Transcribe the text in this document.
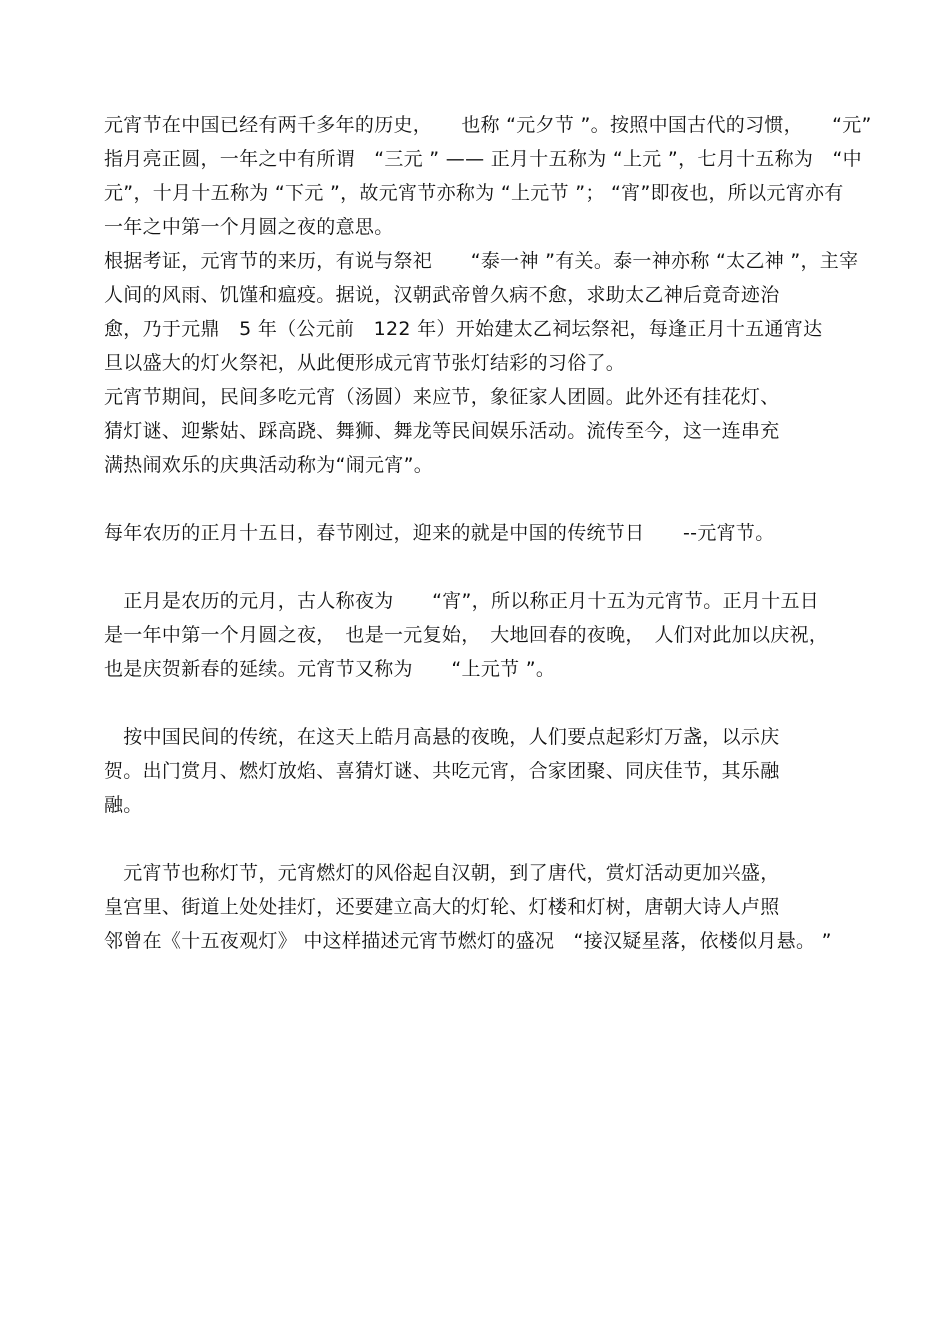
元宵节在中国已经有两千多年的历史，　　也称 “元夕节 ”。按照中国古代的习惯，　　“元”
指月亮正圆，一年之中有所谓　“三元 ” —— 正月十五称为 “上元 ”，七月十五称为　“中
元”，十月十五称为 “下元 ”，故元宵节亦称为 “上元节 ”； “宵”即夜也，所以元宵亦有
一年之中第一个月圆之夜的意思。
根据考证，元宵节的来历，有说与祭祀　　“泰一神 ”有关。泰一神亦称 “太乙神 ”，主宰
人间的风雨、饥馑和瘟疫。据说，汉朝武帝曾久病不愈，求助太乙神后竟奇迹治
愈，乃于元鼎　5 年（公元前　122 年）开始建太乙祠坛祭祀，每逢正月十五通宵达
旦以盛大的灯火祭祀，从此便形成元宵节张灯结彩的习俗了。
元宵节期间，民间多吃元宵（汤圆）来应节，象征家人团圆。此外还有挂花灯、
猜灯谜、迎紫姑、踩高跷、舞狮、舞龙等民间娱乐活动。流传至今，这一连串充
满热闹欢乐的庆典活动称为“闹元宵”。
每年农历的正月十五日，春节刚过，迎来的就是中国的传统节日　　--元宵节。
　正月是农历的元月，古人称夜为　　“宵”，所以称正月十五为元宵节。正月十五日
是一年中第一个月圆之夜，　也是一元复始，　大地回春的夜晚，　人们对此加以庆祝，
也是庆贺新春的延续。元宵节又称为　　“上元节 ”。
　按中国民间的传统，在这天上皓月高悬的夜晚，人们要点起彩灯万盏，以示庆
贺。出门赏月、燃灯放焰、喜猜灯谜、共吃元宵，合家团聚、同庆佳节，其乐融
融。
　元宵节也称灯节，元宵燃灯的风俗起自汉朝，到了唐代，赏灯活动更加兴盛，
皇宫里、街道上处处挂灯，还要建立高大的灯轮、灯楼和灯树，唐朝大诗人卢照
邻曾在《十五夜观灯》 中这样描述元宵节燃灯的盛况　“接汉疑星落，依楼似月悬。 ”
